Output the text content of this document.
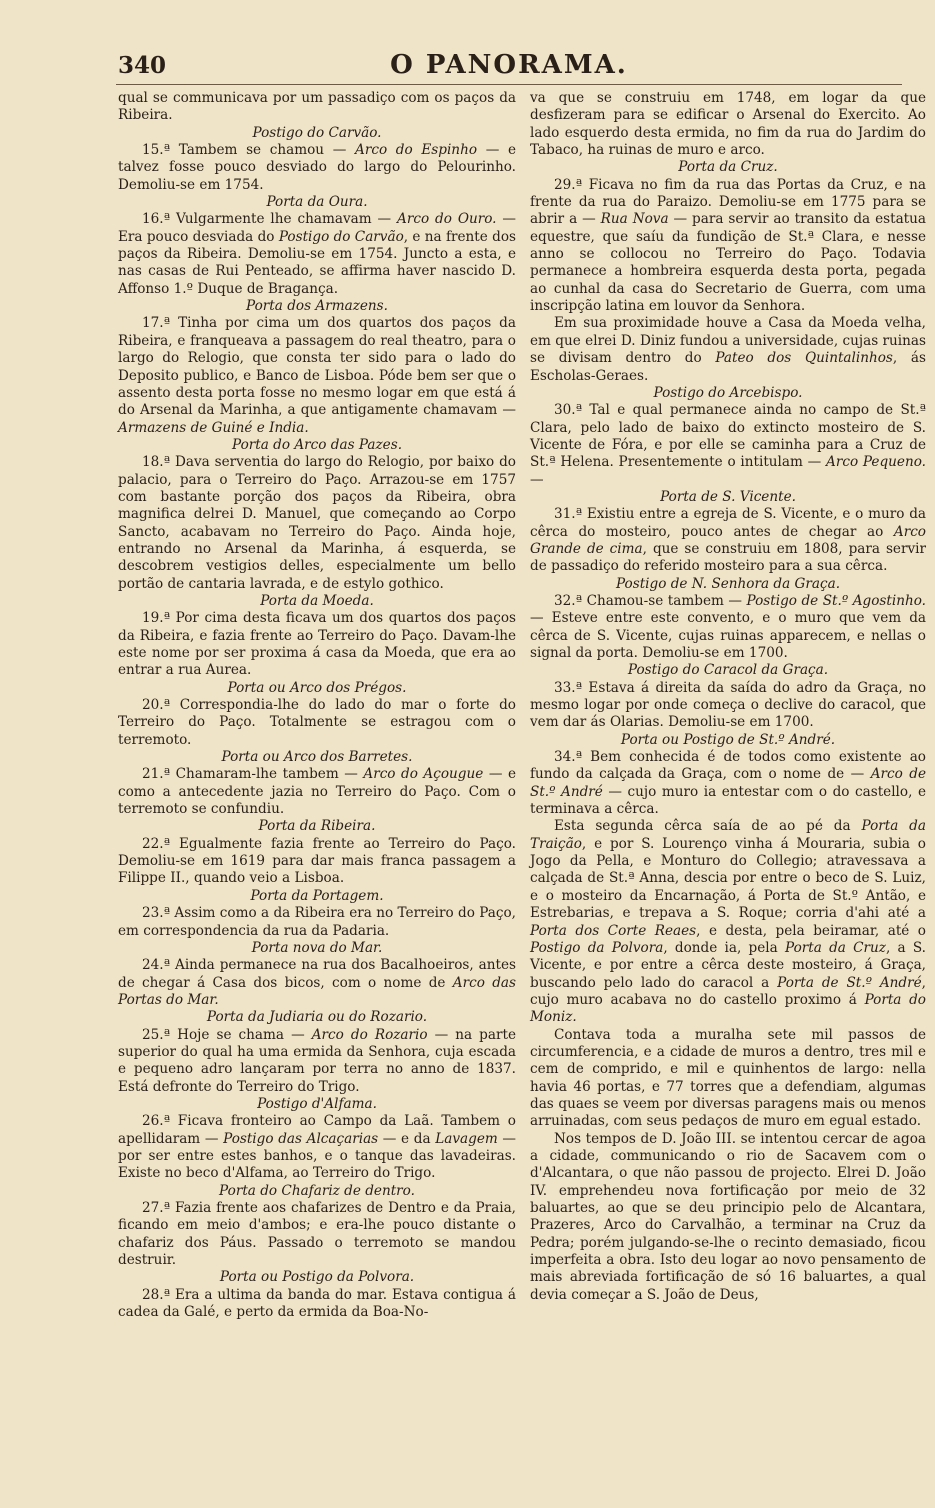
340	O PANORAMA.

qual se communicava por um passadiço com os paços da Ribeira.

Postigo do Carvão.

15.ª Tambem se chamou — Arco do Espinho — e talvez fosse pouco desviado do largo do Pelourinho. Demoliu-se em 1754.

Porta da Oura.

16.ª Vulgarmente lhe chamavam — Arco do Ouro. — Era pouco desviada do Postigo do Carvão, e na frente dos paços da Ribeira. Demoliu-se em 1754. Juncto a esta, e nas casas de Rui Penteado, se affirma haver nascido D. Affonso 1.º Duque de Bragança.

Porta dos Armazens.

17.ª Tinha por cima um dos quartos dos paços da Ribeira, e franqueava a passagem do real theatro, para o largo do Relogio, que consta ter sido para o lado do Deposito publico, e Banco de Lisboa. Póde bem ser que o assento desta porta fosse no mesmo logar em que está á do Arsenal da Marinha, a que antigamente chamavam — Armazens de Guiné e India.

Porta do Arco das Pazes.

18.ª Dava serventia do largo do Relogio, por baixo do palacio, para o Terreiro do Paço. Arrazou-se em 1757 com bastante porção dos paços da Ribeira, obra magnifica delrei D. Manuel, que começando ao Corpo Sancto, acabavam no Terreiro do Paço. Ainda hoje, entrando no Arsenal da Marinha, á esquerda, se descobrem vestigios delles, especialmente um bello portão de cantaria lavrada, e de estylo gothico.

Porta da Moeda.

19.ª Por cima desta ficava um dos quartos dos paços da Ribeira, e fazia frente ao Terreiro do Paço. Davam-lhe este nome por ser proxima á casa da Moeda, que era ao entrar a rua Aurea.

Porta ou Arco dos Prégos.

20.ª Correspondia-lhe do lado do mar o forte do Terreiro do Paço. Totalmente se estragou com o terremoto.

Porta ou Arco dos Barretes.

21.ª Chamaram-lhe tambem — Arco do Açougue — e como a antecedente jazia no Terreiro do Paço. Com o terremoto se confundiu.

Porta da Ribeira.

22.ª Egualmente fazia frente ao Terreiro do Paço. Demoliu-se em 1619 para dar mais franca passagem a Filippe II., quando veio a Lisboa.

Porta da Portagem.

23.ª Assim como a da Ribeira era no Terreiro do Paço, em correspondencia da rua da Padaria.

Porta nova do Mar.

24.ª Ainda permanece na rua dos Bacalhoeiros, antes de chegar á Casa dos bicos, com o nome de Arco das Portas do Mar.

Porta da Judiaria ou do Rozario.

25.ª Hoje se chama — Arco do Rozario — na parte superior do qual ha uma ermida da Senhora, cuja escada e pequeno adro lançaram por terra no anno de 1837. Está defronte do Terreiro do Trigo.

Postigo d'Alfama.

26.ª Ficava fronteiro ao Campo da Laã. Tambem o apellidaram — Postigo das Alcaçarias — e da Lavagem — por ser entre estes banhos, e o tanque das lavadeiras. Existe no beco d'Alfama, ao Terreiro do Trigo.

Porta do Chafariz de dentro.

27.ª Fazia frente aos chafarizes de Dentro e da Praia, ficando em meio d'ambos; e era-lhe pouco distante o chafariz dos Páus. Passado o terremoto se mandou destruir.

Porta ou Postigo da Polvora.

28.ª Era a ultima da banda do mar. Estava contigua á cadea da Galé, e perto da ermida da Boa-No-

va que se construiu em 1748, em logar da que desfizeram para se edificar o Arsenal do Exercito. Ao lado esquerdo desta ermida, no fim da rua do Jardim do Tabaco, ha ruinas de muro e arco.

Porta da Cruz.

29.ª Ficava no fim da rua das Portas da Cruz, e na frente da rua do Paraizo. Demoliu-se em 1775 para se abrir a — Rua Nova — para servir ao transito da estatua equestre, que saíu da fundição de St.ª Clara, e nesse anno se collocou no Terreiro do Paço. Todavia permanece a hombreira esquerda desta porta, pegada ao cunhal da casa do Secretario de Guerra, com uma inscripção latina em louvor da Senhora.

Em sua proximidade houve a Casa da Moeda velha, em que elrei D. Diniz fundou a universidade, cujas ruinas se divisam dentro do Pateo dos Quintalinhos, ás Escholas-Geraes.

Postigo do Arcebispo.

30.ª Tal e qual permanece ainda no campo de St.ª Clara, pelo lado de baixo do extincto mosteiro de S. Vicente de Fóra, e por elle se caminha para a Cruz de St.ª Helena. Presentemente o intitulam — Arco Pequeno. —

Porta de S. Vicente.

31.ª Existiu entre a egreja de S. Vicente, e o muro da cêrca do mosteiro, pouco antes de chegar ao Arco Grande de cima, que se construiu em 1808, para servir de passadiço do referido mosteiro para a sua cêrca.

Postigo de N. Senhora da Graça.

32.ª Chamou-se tambem — Postigo de St.º Agostinho. — Esteve entre este convento, e o muro que vem da cêrca de S. Vicente, cujas ruinas apparecem, e nellas o signal da porta. Demoliu-se em 1700.

Postigo do Caracol da Graça.

33.ª Estava á direita da saída do adro da Graça, no mesmo logar por onde começa o declive do caracol, que vem dar ás Olarias. Demoliu-se em 1700.

Porta ou Postigo de St.º André.

34.ª Bem conhecida é de todos como existente ao fundo da calçada da Graça, com o nome de — Arco de St.º André — cujo muro ia entestar com o do castello, e terminava a cêrca.

Esta segunda cêrca saía de ao pé da Porta da Traição, e por S. Lourenço vinha á Mouraria, subia o Jogo da Pella, e Monturo do Collegio; atravessava a calçada de St.ª Anna, descia por entre o beco de S. Luiz, e o mosteiro da Encarnação, á Porta de St.º Antão, e Estrebarias, e trepava a S. Roque; corria d'ahi até a Porta dos Corte Reaes, e desta, pela beiramar, até o Postigo da Polvora, donde ia, pela Porta da Cruz, a S. Vicente, e por entre a cêrca deste mosteiro, á Graça, buscando pelo lado do caracol a Porta de St.º André, cujo muro acabava no do castello proximo á Porta do Moniz.

Contava toda a muralha sete mil passos de circumferencia, e a cidade de muros a dentro, tres mil e cem de comprido, e mil e quinhentos de largo: nella havia 46 portas, e 77 torres que a defendiam, algumas das quaes se veem por diversas paragens mais ou menos arruinadas, com seus pedaços de muro em egual estado.

Nos tempos de D. João III. se intentou cercar de agoa a cidade, communicando o rio de Sacavem com o d'Alcantara, o que não passou de projecto. Elrei D. João IV. emprehendeu nova fortificação por meio de 32 baluartes, ao que se deu principio pelo de Alcantara, Prazeres, Arco do Carvalhão, a terminar na Cruz da Pedra; porém julgando-se-lhe o recinto demasiado, ficou imperfeita a obra. Isto deu logar ao novo pensamento de mais abreviada fortificação de só 16 baluartes, a qual devia começar a S. João de Deus,
